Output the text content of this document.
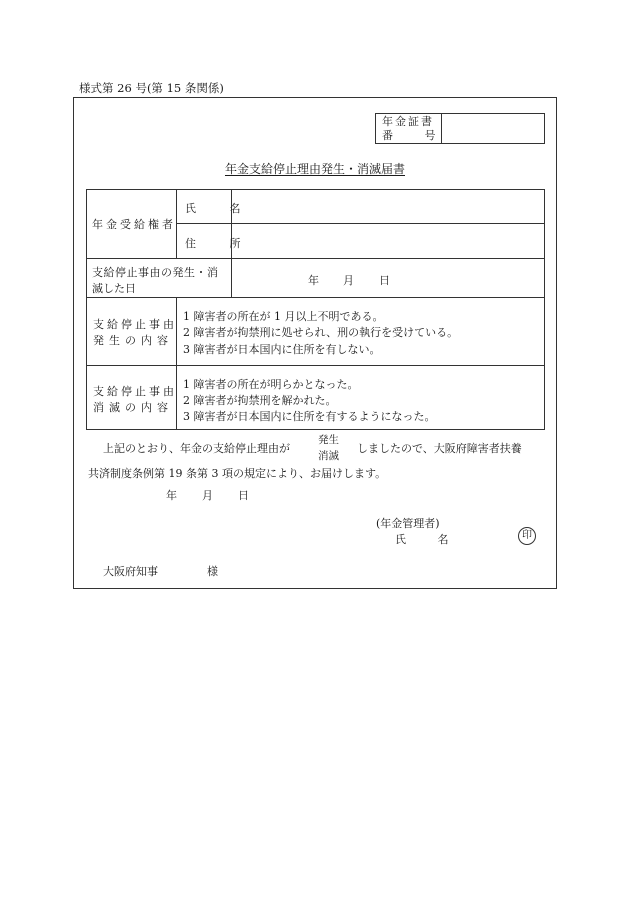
様式第 26 号(第 15 条関係)
年金証書
番 号
年金支給停止理由発生・消滅届書
年金受給権者
氏 名
住 所
支給停止事由の発生・消
滅した日
年 月 日
支給停止事由
発生の内容
1 障害者の所在が 1 月以上不明である。
2 障害者が拘禁刑に処せられ、刑の執行を受けている。
3 障害者が日本国内に住所を有しない。
支給停止事由
消滅の内容
1 障害者の所在が明らかとなった。
2 障害者が拘禁刑を解かれた。
3 障害者が日本国内に住所を有するようになった。
上記のとおり、年金の支給停止理由が
発生
消滅
しましたので、大阪府障害者扶養
共済制度条例第 19 条第 3 項の規定により、お届けします。
年 月 日
(年金管理者)
氏 名	印
大阪府知事	様
